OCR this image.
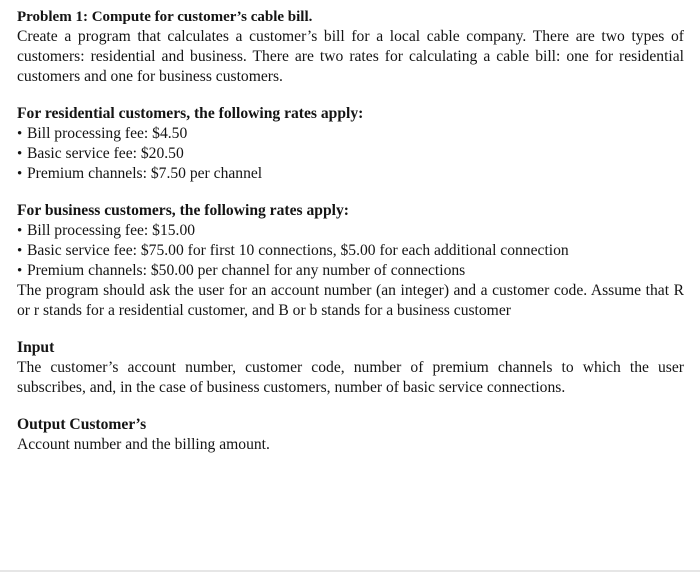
Problem 1: Compute for customer’s cable bill.

Create a program that calculates a customer’s bill for a local cable company. There are two types of customers: residential and business. There are two rates for calculating a cable bill: one for residential customers and one for business customers.

For residential customers, the following rates apply:
• Bill processing fee: $4.50
• Basic service fee: $20.50
• Premium channels: $7.50 per channel
For business customers, the following rates apply:
• Bill processing fee: $15.00
• Basic service fee: $75.00 for first 10 connections, $5.00 for each additional connection
• Premium channels: $50.00 per channel for any number of connections

The program should ask the user for an account number (an integer) and a customer code. Assume that R or r stands for a residential customer, and B or b stands for a business customer

Input

The customer’s account number, customer code, number of premium channels to which the user subscribes, and, in the case of business customers, number of basic service connections.

Output Customer’s

Account number and the billing amount.
